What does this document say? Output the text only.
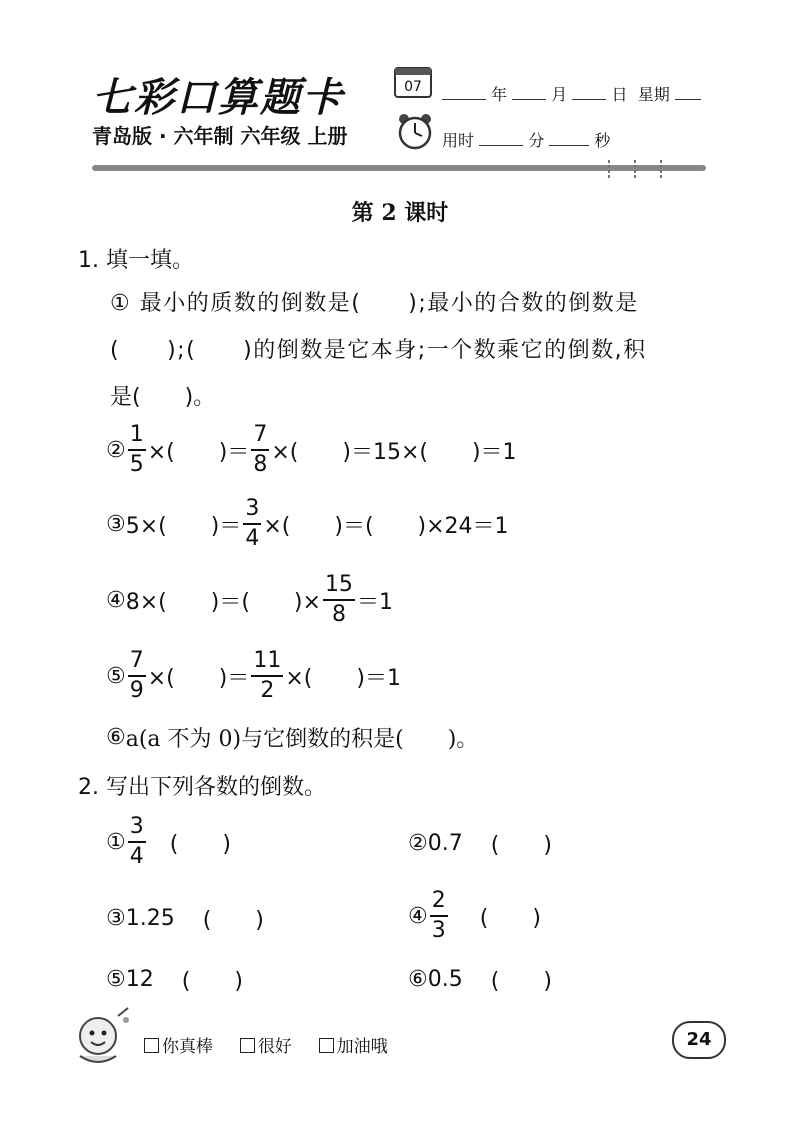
七彩口算题卡
青岛版 · 六年制 六年级 上册
07	年	月	日 星期
用时	分	秒
第 2 课时
1. 填一填。
① 最小的质数的倒数是(　　);最小的合数的倒数是
(　　);(　　)的倒数是它本身;一个数乘它的倒数,积
是(　　)。
② $\frac{1}{5}$ ×(　　)＝ $\frac{7}{8}$ ×(　　)＝15×(　　)＝1
③ 5×(　　)＝ $\frac{3}{4}$ ×(　　)＝(　　)×24＝1
④ 8×(　　)＝(　　)× $\frac{15}{8} =1$
⑤ $\frac{7}{9}$ ×(　　)＝ $\frac{11}{2}$ ×(　　)＝1
⑥ a(a 不为 0)与它倒数的积是(　　)。
2. 写出下列各数的倒数。
① $\frac{3}{4}$ (　　)	② 0.7 (　　)
③ 1.25 (　　)	④ $\frac{2}{3}$ (　　)
⑤ 12 (　　)	⑥ 0.5 (　　)
你真棒	很好	加油哦	24
